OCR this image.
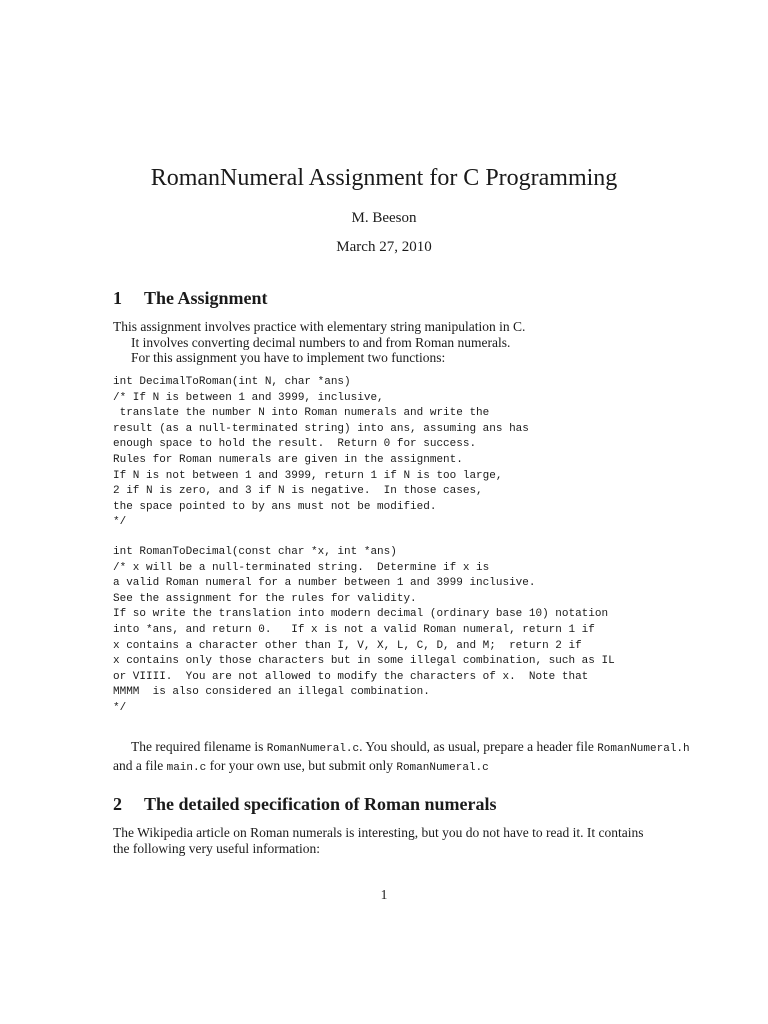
RomanNumeral Assignment for C Programming
M. Beeson
March 27, 2010
1 The Assignment
This assignment involves practice with elementary string manipulation in C.
It involves converting decimal numbers to and from Roman numerals.
For this assignment you have to implement two functions:
int DecimalToRoman(int N, char *ans)
/* If N is between 1 and 3999, inclusive,
translate the number N into Roman numerals and write the
result (as a null-terminated string) into ans, assuming ans has
enough space to hold the result.  Return 0 for success.
Rules for Roman numerals are given in the assignment.
If N is not between 1 and 3999, return 1 if N is too large,
2 if N is zero, and 3 if N is negative.  In those cases,
the space pointed to by ans must not be modified.
*/
int RomanToDecimal(const char *x, int *ans)
/* x will be a null-terminated string.  Determine if x is
a valid Roman numeral for a number between 1 and 3999 inclusive.
See the assignment for the rules for validity.
If so write the translation into modern decimal (ordinary base 10) notation
into *ans, and return 0.   If x is not a valid Roman numeral, return 1 if
x contains a character other than I, V, X, L, C, D, and M;  return 2 if
x contains only those characters but in some illegal combination, such as IL
or VIIII.  You are not allowed to modify the characters of x.  Note that
MMMM  is also considered an illegal combination.
*/
The required filename is RomanNumeral.c. You should, as usual, prepare a header file RomanNumeral.h
and a file main.c for your own use, but submit only RomanNumeral.c
2 The detailed specification of Roman numerals
The Wikipedia article on Roman numerals is interesting, but you do not have to read it. It contains
the following very useful information:
1
